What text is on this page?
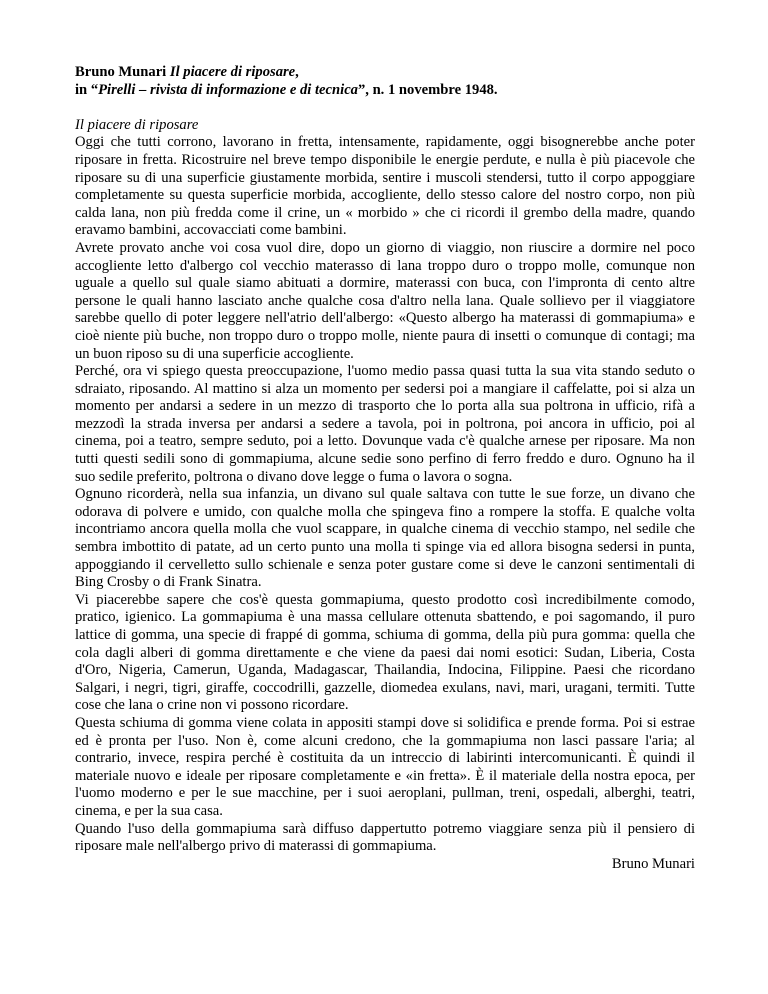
Bruno Munari Il piacere di riposare,

in “Pirelli – rivista di informazione e di tecnica”, n. 1 novembre 1948.

Il piacere di riposare

Oggi che tutti corrono, lavorano in fretta, intensamente, rapidamente, oggi bisognerebbe anche poter riposare in fretta. Ricostruire nel breve tempo disponibile le energie perdute, e nulla è più piacevole che riposare su di una superficie giustamente morbida, sentire i muscoli stendersi, tutto il corpo appoggiare completamente su questa superficie morbida, accogliente, dello stesso calore del nostro corpo, non più calda lana, non più fredda come il crine, un « morbido » che ci ricordi il grembo della madre, quando eravamo bambini, accovacciati come bambini.

Avrete provato anche voi cosa vuol dire, dopo un giorno di viaggio, non riuscire a dormire nel poco accogliente letto d'albergo col vecchio materasso di lana troppo duro o troppo molle, comunque non uguale a quello sul quale siamo abituati a dormire, materassi con buca, con l'impronta di cento altre persone le quali hanno lasciato anche qualche cosa d'altro nella lana. Quale sollievo per il viaggiatore sarebbe quello di poter leggere nell'atrio dell'albergo: «Questo albergo ha materassi di gommapiuma» e cioè niente più buche, non troppo duro o troppo molle, niente paura di insetti o comunque di contagi; ma un buon riposo su di una superficie accogliente.

Perché, ora vi spiego questa preoccupazione, l'uomo medio passa quasi tutta la sua vita stando seduto o sdraiato, riposando. Al mattino si alza un momento per sedersi poi a mangiare il caffelatte, poi si alza un momento per andarsi a sedere in un mezzo di trasporto che lo porta alla sua poltrona in ufficio, rifà a mezzodì la strada inversa per andarsi a sedere a tavola, poi in poltrona, poi ancora in ufficio, poi al cinema, poi a teatro, sempre seduto, poi a letto. Dovunque vada c'è qualche arnese per riposare. Ma non tutti questi sedili sono di gommapiuma, alcune sedie sono perfino di ferro freddo e duro. Ognuno ha il suo sedile preferito, poltrona o divano dove legge o fuma o lavora o sogna.

Ognuno ricorderà, nella sua infanzia, un divano sul quale saltava con tutte le sue forze, un divano che odorava di polvere e umido, con qualche molla che spingeva fino a rompere la stoffa. E qualche volta incontriamo ancora quella molla che vuol scappare, in qualche cinema di vecchio stampo, nel sedile che sembra imbottito di patate, ad un certo punto una molla ti spinge via ed allora bisogna sedersi in punta, appoggiando il cervelletto sullo schienale e senza poter gustare come si deve le canzoni sentimentali di Bing Crosby o di Frank Sinatra.

Vi piacerebbe sapere che cos'è questa gommapiuma, questo prodotto così incredibilmente comodo, pratico, igienico. La gommapiuma è una massa cellulare ottenuta sbattendo, e poi sagomando, il puro lattice di gomma, una specie di frappé di gomma, schiuma di gomma, della più pura gomma: quella che cola dagli alberi di gomma direttamente e che viene da paesi dai nomi esotici: Sudan, Liberia, Costa d'Oro, Nigeria, Camerun, Uganda, Madagascar, Thailandia, Indocina, Filippine. Paesi che ricordano Salgari, i negri, tigri, giraffe, coccodrilli, gazzelle, diomedea exulans, navi, mari, uragani, termiti. Tutte cose che lana o crine non vi possono ricordare.

Questa schiuma di gomma viene colata in appositi stampi dove si solidifica e prende forma. Poi si estrae ed è pronta per l'uso. Non è, come alcuni credono, che la gommapiuma non lasci passare l'aria; al contrario, invece, respira perché è costituita da un intreccio di labirinti intercomunicanti. È quindi il materiale nuovo e ideale per riposare completamente e «in fretta». È il materiale della nostra epoca, per l'uomo moderno e per le sue macchine, per i suoi aeroplani, pullman, treni, ospedali, alberghi, teatri, cinema, e per la sua casa.

Quando l'uso della gommapiuma sarà diffuso dappertutto potremo viaggiare senza più il pensiero di riposare male nell'albergo privo di materassi di gommapiuma.

Bruno Munari
